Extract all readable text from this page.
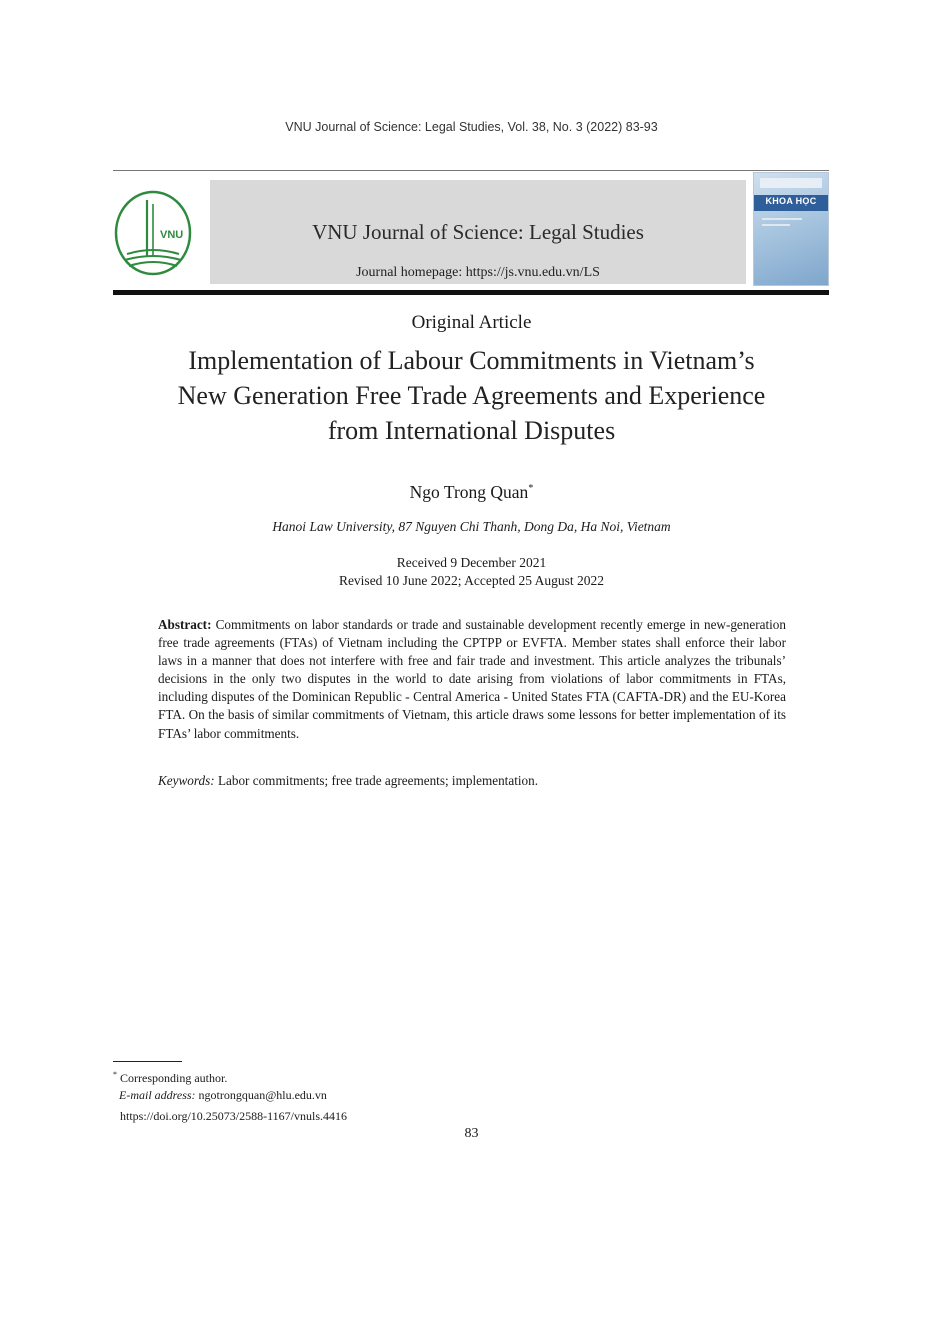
VNU Journal of Science: Legal Studies, Vol. 38, No. 3 (2022) 83-93
VNU	VNU Journal of Science: Legal Studies
Journal homepage: https://js.vnu.edu.vn/LS
KHOA HỌC
Original Article
Implementation of Labour Commitments in Vietnam’s
New Generation Free Trade Agreements and Experience
from International Disputes
Ngo Trong Quan*
Hanoi Law University, 87 Nguyen Chi Thanh, Dong Da, Ha Noi, Vietnam
Received 9 December 2021
Revised 10 June 2022; Accepted 25 August 2022
Abstract: Commitments on labor standards or trade and sustainable development recently emerge in new-generation free trade agreements (FTAs) of Vietnam including the CPTPP or EVFTA. Member states shall enforce their labor laws in a manner that does not interfere with free and fair trade and investment. This article analyzes the tribunals’ decisions in the only two disputes in the world to date arising from violations of labor commitments in FTAs, including disputes of the Dominican Republic - Central America - United States FTA (CAFTA-DR) and the EU-Korea FTA. On the basis of similar commitments of Vietnam, this article draws some lessons for better implementation of its FTAs’ labor commitments.
Keywords: Labor commitments; free trade agreements; implementation.
* Corresponding author.
E-mail address: ngotrongquan@hlu.edu.vn
https://doi.org/10.25073/2588-1167/vnuls.4416
83
